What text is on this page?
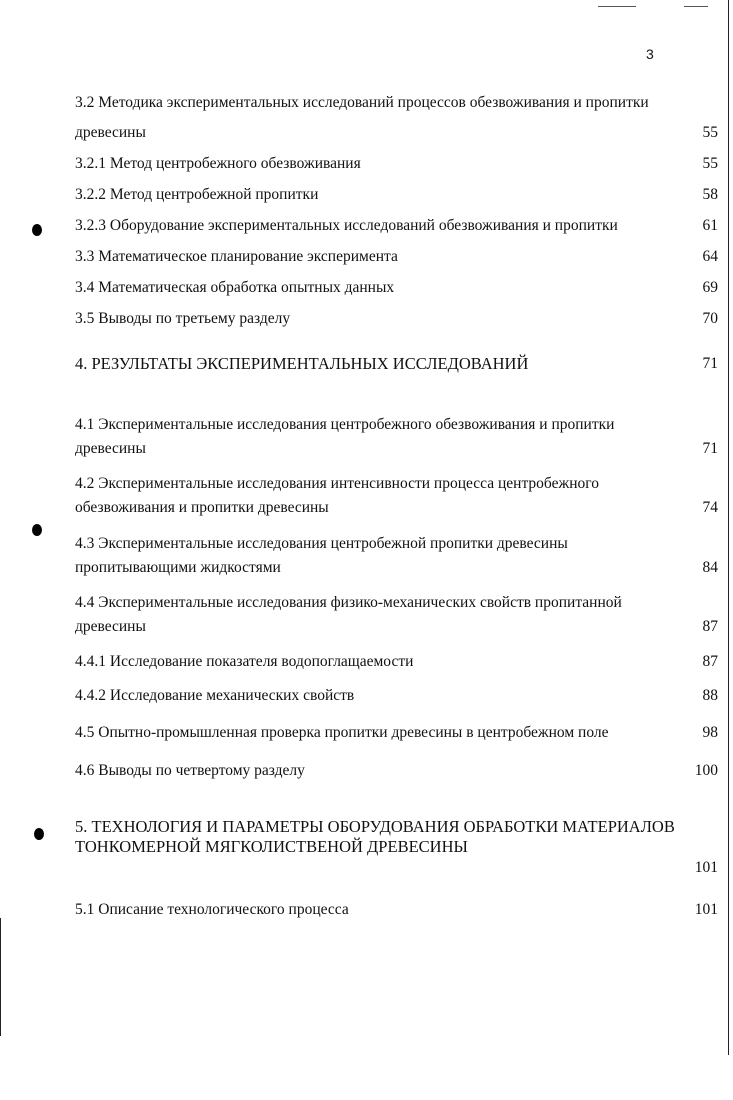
3
3.2 Методика экспериментальных исследований процессов обезвоживания и пропитки
древесины	55
3.2.1 Метод центробежного обезвоживания	55
3.2.2 Метод центробежной пропитки	58
3.2.3 Оборудование экспериментальных исследований обезвоживания и пропитки	61
3.3 Математическое планирование эксперимента	64
3.4 Математическая обработка опытных данных	69
3.5 Выводы по третьему разделу	70
4. РЕЗУЛЬТАТЫ ЭКСПЕРИМЕНТАЛЬНЫХ ИССЛЕДОВАНИЙ	71
4.1 Экспериментальные исследования центробежного обезвоживания и пропитки
древесины	71
4.2 Экспериментальные исследования интенсивности процесса центробежного
обезвоживания и пропитки древесины	74
4.3 Экспериментальные исследования центробежной пропитки древесины
пропитывающими жидкостями	84
4.4 Экспериментальные исследования физико-механических свойств пропитанной
древесины	87
4.4.1 Исследование показателя водопоглащаемости	87
4.4.2 Исследование механических свойств	88
4.5 Опытно-промышленная проверка пропитки древесины в центробежном поле	98
4.6 Выводы по четвертому разделу	100
5. ТЕХНОЛОГИЯ И ПАРАМЕТРЫ ОБОРУДОВАНИЯ ОБРАБОТКИ МАТЕРИАЛОВ
ТОНКОМЕРНОЙ МЯГКОЛИСТВЕНОЙ ДРЕВЕСИНЫ
101
5.1 Описание технологического процесса	101
